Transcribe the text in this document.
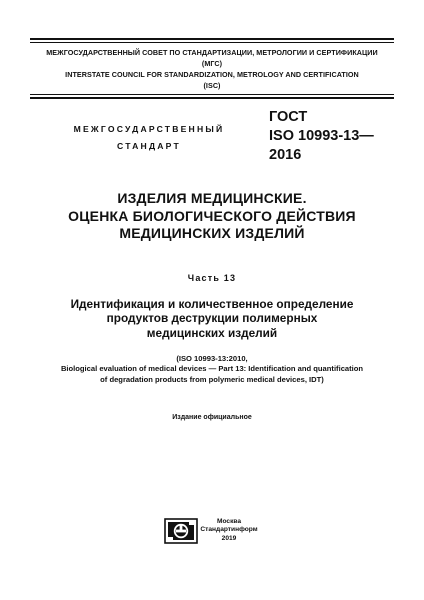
МЕЖГОСУДАРСТВЕННЫЙ СОВЕТ ПО СТАНДАРТИЗАЦИИ, МЕТРОЛОГИИ И СЕРТИФИКАЦИИ
(МГС)
INTERSTATE COUNCIL FOR STANDARDIZATION, METROLOGY AND CERTIFICATION
(ISC)
МЕЖГОСУДАРСТВЕННЫЙ
СТАНДАРТ
ГОСТ
ISO 10993-13—
2016
ИЗДЕЛИЯ МЕДИЦИНСКИЕ.
ОЦЕНКА БИОЛОГИЧЕСКОГО ДЕЙСТВИЯ
МЕДИЦИНСКИХ ИЗДЕЛИЙ
Часть 13
Идентификация и количественное определение
продуктов деструкции полимерных
медицинских изделий
(ISO 10993-13:2010,
Biological evaluation of medical devices — Part 13: Identification and quantification
of degradation products from polymeric medical devices, IDT)
Издание официальное
Москва
Стандартинформ
2019
